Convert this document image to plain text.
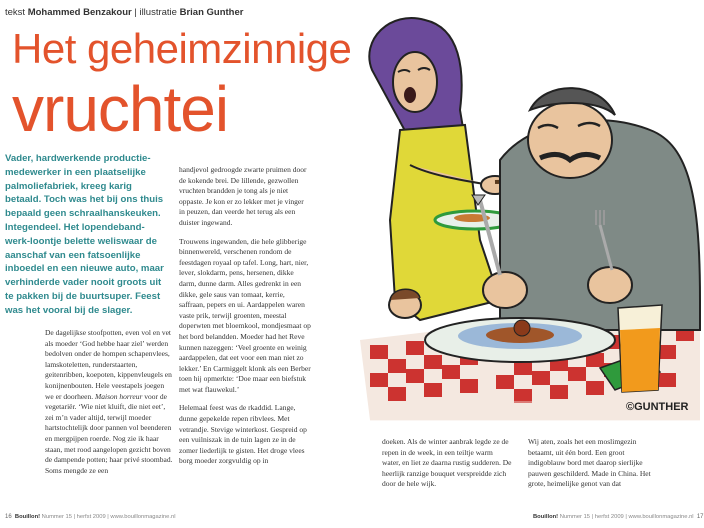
tekst Mohammed Benzakour | illustratie Brian Gunther
Het geheimzinnige
vruchtei
Vader, hardwerkende productie-medewerker in een plaatselijke palmoliefabriek, kreeg karig betaald. Toch was het bij ons thuis bepaald geen schraalhanskeuken. Integendeel. Het lopendeband-werk-loontje belette weliswaar de aanschaf van een fatsoenlijke inboedel en een nieuwe auto, maar verhinderde vader nooit groots uit te pakken bij de buurtsuper. Feest was het vooral bij de slager.

De dagelijkse stoofpotten, even vol en vet als moeder ‘God hebbe haar ziel’ werden bedolven onder de hompen schapenvlees, lamskoteletten, runderstaarten, geitenribben, koepoten, kippenvleugels en konijnenbouten. Hele veestapels joegen we er doorheen. Maison horreur voor de vegetariër. ‘Wie niet kluift, die niet eet’, zei m’n vader altijd, terwijl moeder hartstochtelijk door pannen vol beenderen en mergpijpen roerde. Nog zie ik haar staan, met rood aangelopen gezicht boven de dampende potten; haar privé stoombad. Soms mengde ze een

handjevol gedroogde zwarte pruimen door de kokende brei. De lillende, gezwollen vruchten brandden je tong als je niet oppaste. Je kon er zo lekker met je vinger in peuzen, dan veerde het terug als een duister ingewand.

Trouwens ingewanden, die hele glibberige binnenwereld, verschenen rondom de feestdagen royaal op tafel. Long, hart, nier, lever, slokdarm, pens, hersenen, dikke darm, dunne darm. Alles gedrenkt in een dikke, gele saus van tomaat, kerrie, saffraan, pepers en ui. Aardappelen waren vaste prik, terwijl groenten, meestal doperwten met bloemkool, mondjesmaat op het bord belandden. Moeder had het Reve kunnen nazeggen: ‘Veel groente en weinig aardappelen, dat eet voor een man niet zo lekker.’ En Carmiggelt klonk als een Berber toen hij opmerkte: ‘Doe maar een biefstuk met wat flauwekul.’

Helemaal feest was de rkaddid. Lange, dunne gepekelde repen ribvlees. Met vetrandje. Stevige winterkost. Gespreid op een vuilniszak in de tuin lagen ze in de zomer liederlijk te gisten. Het droge vlees borg moeder zorgvuldig op in

doeken. Als de winter aanbrak legde ze de repen in de week, in een teiltje warm water, en liet ze daarna rustig sudderen. De heerlijk ranzige bouquet verspreidde zich door de hele wijk.
Wij aten, zoals het een moslimgezin betaamt, uit één bord. Een groot indigoblauw bord met daarop sierlijke pauwen geschilderd. Made in China. Het grote, heimelijke genot van dat
©GUNTHER
16 Bouillon! Nummer 15 | herfst 2009 | www.bouillonmagazine.nl	Bouillon! Nummer 15 | herfst 2009 | www.bouillonmagazine.nl 17
